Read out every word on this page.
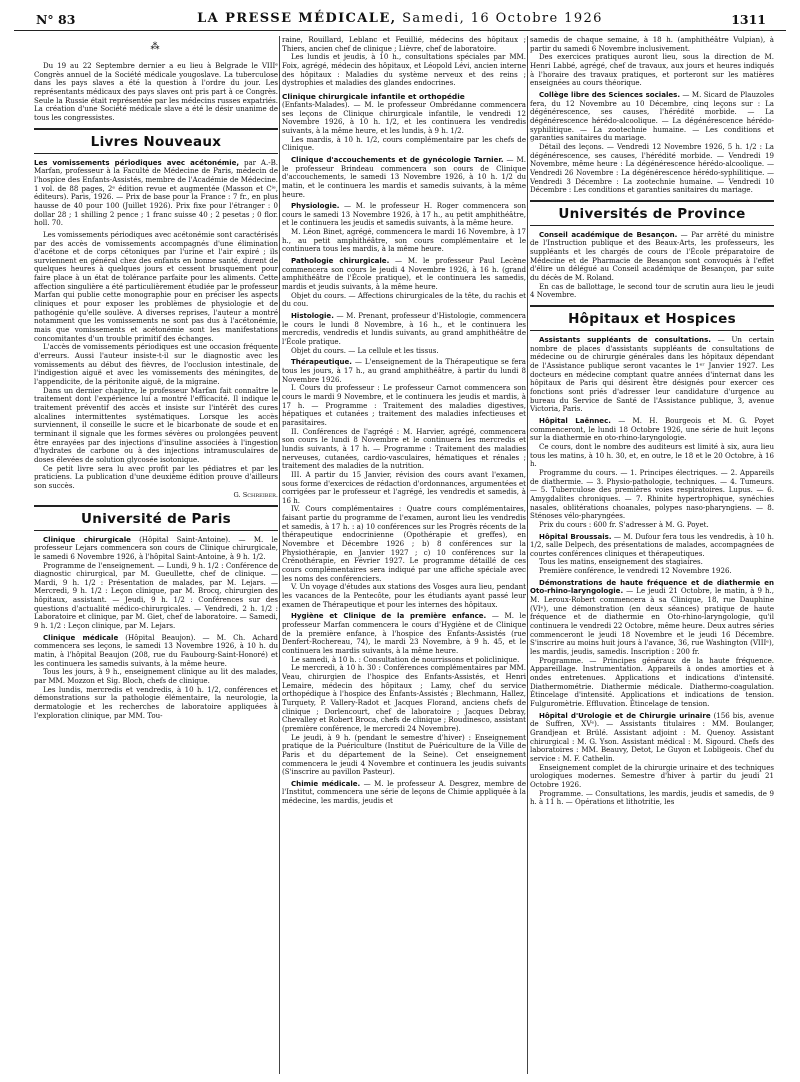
N° 83	LA PRESSE MÉDICALE, Samedi, 16 Octobre 1926	1311
⁂

Du 19 au 22 Septembre dernier a eu lieu à Belgrade le VIIIᵉ Congrès annuel de la Société médicale yougoslave. La tuberculose dans les pays slaves a été la question à l'ordre du jour. Les représentants médicaux des pays slaves ont pris part à ce Congrès. Seule la Russie était représentée par les médecins russes expatriés. La création d'une Société médicale slave a été le désir unanime de tous les congressistes.

Livres Nouveaux

Les vomissements périodiques avec acétonémie, par A.-B. Marfan, professeur à la Faculté de Médecine de Paris, médecin de l'hospice des Enfants-Assistés, membre de l'Académie de Médecine. 1 vol. de 88 pages, 2ᵉ édition revue et augmentée (Masson et Cⁱᵉ, éditeurs). Paris, 1926. — Prix de base pour la France : 7 fr., en plus hausse de 40 pour 100 (Juillet 1926). Prix fixe pour l'étranger : 0 dollar 28 ; 1 shilling 2 pence ; 1 franc suisse 40 ; 2 pesetas ; 0 flor. holl. 70.

Les vomissements périodiques avec acétonémie sont caractérisés par des accès de vomissements accompagnés d'une élimination d'acétone et de corps cétoniques par l'urine et l'air expiré ; ils surviennent en général chez des enfants en bonne santé, durent de quelques heures à quelques jours et cessent brusquement pour faire place à un état de tolérance parfaite pour les aliments. Cette affection singulière a été particulièrement étudiée par le professeur Marfan qui publie cette monographie pour en préciser les aspects cliniques et pour exposer les problèmes de physiologie et de pathogénie qu'elle soulève. A diverses reprises, l'auteur a montré notamment que les vomissements ne sont pas dus à l'acétonémie, mais que vomissements et acétonémie sont les manifestations concomitantes d'un trouble primitif des échanges.

L'accès de vomissements périodiques est une occasion fréquente d'erreurs. Aussi l'auteur insiste-t-il sur le diagnostic avec les vomissements au début des fièvres, de l'occlusion intestinale, de l'indigestion aiguë et avec les vomissements des méningites, de l'appendicite, de la péritonite aiguë, de la migraine.

Dans un dernier chapitre, le professeur Marfan fait connaître le traitement dont l'expérience lui a montré l'efficacité. Il indique le traitement préventif des accès et insiste sur l'intérêt des cures alcalines intermittentes systématiques. Lorsque les accès surviennent, il conseille le sucre et le bicarbonate de soude et en terminant il signale que les formes sévères ou prolongées peuvent être enrayées par des injections d'insuline associées à l'ingestion d'hydrates de carbone ou à des injections intramusculaires de doses élevées de solution glycosée isotonique.

Ce petit livre sera lu avec profit par les pédiatres et par les praticiens. La publication d'une deuxième édition prouve d'ailleurs son succès.

G. Schreiber.
Université de Paris

Clinique chirurgicale (Hôpital Saint-Antoine). — M. le professeur Lejars commencera son cours de Clinique chirurgicale, le samedi 6 Novembre 1926, à l'hôpital Saint-Antoine, à 9 h. 1/2.

Programme de l'enseignement. — Lundi, 9 h. 1/2 : Conférence de diagnostic chirurgical, par M. Gueullette, chef de clinique. — Mardi, 9 h. 1/2 : Présentation de malades, par M. Lejars. — Mercredi, 9 h. 1/2 : Leçon clinique, par M. Brocq, chirurgien des hôpitaux, assistant. — Jeudi, 9 h. 1/2 : Conférences sur des questions d'actualité médico-chirurgicales. — Vendredi, 2 h. 1/2 : Laboratoire et clinique, par M. Giet, chef de laboratoire. — Samedi, 9 h. 1/2 : Leçon clinique, par M. Lejars.

Clinique médicale (Hôpital Beaujon). — M. Ch. Achard commencera ses leçons, le samedi 13 Novembre 1926, à 10 h. du matin, à l'hôpital Beaujon (208, rue du Faubourg-Saint-Honoré) et les continuera les samedis suivants, à la même heure.

Tous les jours, à 9 h., enseignement clinique au lit des malades, par MM. Mozzon et Sig. Bloch, chefs de clinique.

Les lundis, mercredis et vendredis, à 10 h. 1/2, conférences et démonstrations sur la pathologie élémentaire, la neurologie, la dermatologie et les recherches de laboratoire appliquées à l'exploration clinique, par MM. Tou-

raine, Rouillard, Leblanc et Feuillié, médecins des hôpitaux ; Thiers, ancien chef de clinique ; Lièvre, chef de laboratoire.

Les lundis et jeudis, à 10 h., consultations spéciales par MM. Foix, agrégé, médecin des hôpitaux, et Léopold Lévi, ancien interne des hôpitaux : Maladies du système nerveux et des reins ; dystrophies et maladies des glandes endocrines.

Clinique chirurgicale infantile et orthopédie

(Enfants-Malades). — M. le professeur Ombrédanne commencera ses leçons de Clinique chirurgicale infantile, le vendredi 12 Novembre 1926, à 10 h. 1/2, et les continuera les vendredis suivants, à la même heure, et les lundis, à 9 h. 1/2.

Les mardis, à 10 h. 1/2, cours complémentaire par les chefs de Clinique.

Clinique d'accouchements et de gynécologie Tarnier. — M. le professeur Brindeau commencera son cours de Clinique d'accouchements, le samedi 13 Novembre 1926, à 10 h. 1/2 du matin, et le continuera les mardis et samedis suivants, à la même heure.

Physiologie. — M. le professeur H. Roger commencera son cours le samedi 13 Novembre 1926, à 17 h., au petit amphithéâtre, et le continuera les jeudis et samedis suivants, à la même heure.

M. Léon Binet, agrégé, commencera le mardi 16 Novembre, à 17 h., au petit amphithéâtre, son cours complémentaire et le continuera tous les mardis, à la même heure.

Pathologie chirurgicale. — M. le professeur Paul Lecène commencera son cours le jeudi 4 Novembre 1926, à 16 h. (grand amphithéâtre de l'École pratique), et le continuera les samedis, mardis et jeudis suivants, à la même heure.

Objet du cours. — Affections chirurgicales de la tête, du rachis et du cou.

Histologie. — M. Prenant, professeur d'Histologie, commencera le cours le lundi 8 Novembre, à 16 h., et le continuera les mercredis, vendredis et lundis suivants, au grand amphithéâtre de l'École pratique.

Objet du cours. — La cellule et les tissus.

Thérapeutique. — L'enseignement de la Thérapeutique se fera tous les jours, à 17 h., au grand amphithéâtre, à partir du lundi 8 Novembre 1926.

I. Cours du professeur : Le professeur Carnot commencera son cours le mardi 9 Novembre, et le continuera les jeudis et mardis, à 17 h. — Programme : Traitement des maladies digestives, hépatiques et cutanées ; traitement des maladies infectieuses et parasitaires.

II. Conférences de l'agrégé : M. Harvier, agrégé, commencera son cours le lundi 8 Novembre et le continuera les mercredis et lundis suivants, à 17 h. — Programme : Traitement des maladies nerveuses, cutanées, cardio-vasculaires, hématiques et rénales ; traitement des maladies de la nutrition.

III. A partir du 15 Janvier, révision des cours avant l'examen, sous forme d'exercices de rédaction d'ordonnances, argumentées et corrigées par le professeur et l'agrégé, les vendredis et samedis, à 16 h.

IV. Cours complémentaires : Quatre cours complémentaires, faisant partie du programme de l'examen, auront lieu les vendredis et samedis, à 17 h. : a) 10 conférences sur les Progrès récents de la thérapeutique endocrinienne (Opothérapie et greffes), en Novembre et Décembre 1926 ; b) 8 conférences sur la Physiothérapie, en Janvier 1927 ; c) 10 conférences sur la Crénothérapie, en Février 1927. Le programme détaillé de ces cours complémentaires sera indiqué par une affiche spéciale avec les noms des conférenciers.

V. Un voyage d'études aux stations des Vosges aura lieu, pendant les vacances de la Pentecôte, pour les étudiants ayant passé leur examen de Thérapeutique et pour les internes des hôpitaux.

Hygiène et Clinique de la première enfance. — M. le professeur Marfan commencera le cours d'Hygiène et de Clinique de la première enfance, à l'hospice des Enfants-Assistés (rue Denfert-Rochereau, 74), le mardi 23 Novembre, à 9 h. 45, et le continuera les mardis suivants, à la même heure.

Le samedi, à 10 h. : Consultation de nourrissons et policlinique.

Le mercredi, à 10 h. 30 : Conférences complémentaires par MM. Veau, chirurgien de l'hospice des Enfants-Assistés, et Henri Lemaire, médecin des hôpitaux ; Lamy, chef du service orthopédique à l'hospice des Enfants-Assistés ; Blechmann, Hallez, Turquety, P. Vallery-Radot et Jacques Florand, anciens chefs de clinique ; Dorlencourt, chef de laboratoire ; Jacques Debray, Chevalley et Robert Broca, chefs de clinique ; Roudinesco, assistant (première conférence, le mercredi 24 Novembre).

Le jeudi, à 9 h. (pendant le semestre d'hiver) : Enseignement pratique de la Puériculture (Institut de Puériculture de la Ville de Paris et du département de la Seine). Cet enseignement commencera le jeudi 4 Novembre et continuera les jeudis suivants (S'inscrire au pavillon Pasteur).

Chimie médicale. — M. le professeur A. Desgrez, membre de l'Institut, commencera une série de leçons de Chimie appliquée à la médecine, les mardis, jeudis et

samedis de chaque semaine, à 18 h. (amphithéâtre Vulpian), à partir du samedi 6 Novembre inclusivement.

Des exercices pratiques auront lieu, sous la direction de M. Henri Labbé, agrégé, chef de travaux, aux jours et heures indiqués à l'horaire des travaux pratiques, et porteront sur les matières enseignées au cours théorique.

Collège libre des Sciences sociales. — M. Sicard de Plauzoles fera, du 12 Novembre au 10 Décembre, cinq leçons sur : La dégénérescence, ses causes, l'hérédité morbide. — La dégénérescence hérédo-alcoolique. — La dégénérescence hérédo-syphilitique. — La zootechnie humaine. — Les conditions et garanties sanitaires du mariage.

Détail des leçons. — Vendredi 12 Novembre 1926, 5 h. 1/2 : La dégénérescence, ses causes, l'hérédité morbide. — Vendredi 19 Novembre, même heure : La dégénérescence hérédo-alcoolique. — Vendredi 26 Novembre : La dégénérescence hérédo-syphilitique. — Vendredi 3 Décembre : La zootechnie humaine. — Vendredi 10 Décembre : Les conditions et garanties sanitaires du mariage.

Universités de Province

Conseil académique de Besançon. — Par arrêté du ministre de l'Instruction publique et des Beaux-Arts, les professeurs, les suppléants et les chargés de cours de l'École préparatoire de Médecine et de Pharmacie de Besançon sont convoqués à l'effet d'élire un délégué au Conseil académique de Besançon, par suite du décès de M. Roland.

En cas de ballottage, le second tour de scrutin aura lieu le jeudi 4 Novembre.

Hôpitaux et Hospices

Assistants suppléants de consultations. — Un certain nombre de places d'assistants suppléants de consultations de médecine ou de chirurgie générales dans les hôpitaux dépendant de l'Assistance publique seront vacantes le 1ᵉʳ Janvier 1927. Les docteurs en médecine comptant quatre années d'internat dans les hôpitaux de Paris qui désirent être désignés pour exercer ces fonctions sont priés d'adresser leur candidature d'urgence au bureau du Service de Santé de l'Assistance publique, 3, avenue Victoria, Paris.

Hôpital Laënnec. — M. H. Bourgeois et M. G. Poyet commenceront, le lundi 18 Octobre 1926, une série de huit leçons sur la diathermie en oto-rhino-laryngologie.

Ce cours, dont le nombre des auditeurs est limité à six, aura lieu tous les matins, à 10 h. 30, et, en outre, le 18 et le 20 Octobre, à 16 h.

Programme du cours. — 1. Principes électriques. — 2. Appareils de diathermie. — 3. Physio-pathologie, techniques. — 4. Tumeurs. — 5. Tuberculose des premières voies respiratoires. Lupus. — 6. Amygdalites chroniques. — 7. Rhinite hypertrophique, synéchies nasales, oblitérations choanales, polypes naso-pharyngiens. — 8. Sténoses vélo-pharyngées.

Prix du cours : 600 fr. S'adresser à M. G. Poyet.

Hôpital Broussais. — M. Dufour fera tous les vendredis, à 10 h. 1/2, salle Delpech, des présentations de malades, accompagnées de courtes conférences cliniques et thérapeutiques.

Tous les matins, enseignement des stagiaires.

Première conférence, le vendredi 12 Novembre 1926.

Démonstrations de haute fréquence et de diathermie en Oto-rhino-laryngologie. — Le jeudi 21 Octobre, le matin, à 9 h., M. Leroux-Robert commencera à sa Clinique, 18, rue Dauphine (VIᵉ), une démonstration (en deux séances) pratique de haute fréquence et de diathermie en Oto-rhino-laryngologie, qu'il continuera le vendredi 22 Octobre, même heure. Deux autres séries commenceront le jeudi 18 Novembre et le jeudi 16 Décembre. S'inscrire au moins huit jours à l'avance, 36, rue Washington (VIIIᵉ), les mardis, jeudis, samedis. Inscription : 200 fr.

Programme. — Principes généraux de la haute fréquence. Appareillage. Instrumentation. Appareils à ondes amorties et à ondes entretenues. Applications et indications d'intensité. Diathermométrie. Diathermie médicale. Diathermo-coagulation. Étincelage d'intensité. Applications et indications de tension. Fulguromètrie. Effluvation. Étincelage de tension.

Hôpital d'Urologie et de Chirurgie urinaire (156 bis, avenue de Suffren, XVᵉ). — Assistants titulaires : MM. Boulanger, Grandjean et Brülé. Assistant adjoint : M. Quenoy. Assistant chirurgical : M. G. Yson. Assistant médical : M. Sigourd. Chefs des laboratoires : MM. Beauvy, Detot, Le Guyon et Lobligeois. Chef du service : M. F. Cathelin.

Enseignement complet de la chirurgie urinaire et des techniques urologiques modernes. Semestre d'hiver à partir du jeudi 21 Octobre 1926.

Programme. — Consultations, les mardis, jeudis et samedis, de 9 h. à 11 h. — Opérations et lithotritie, les
